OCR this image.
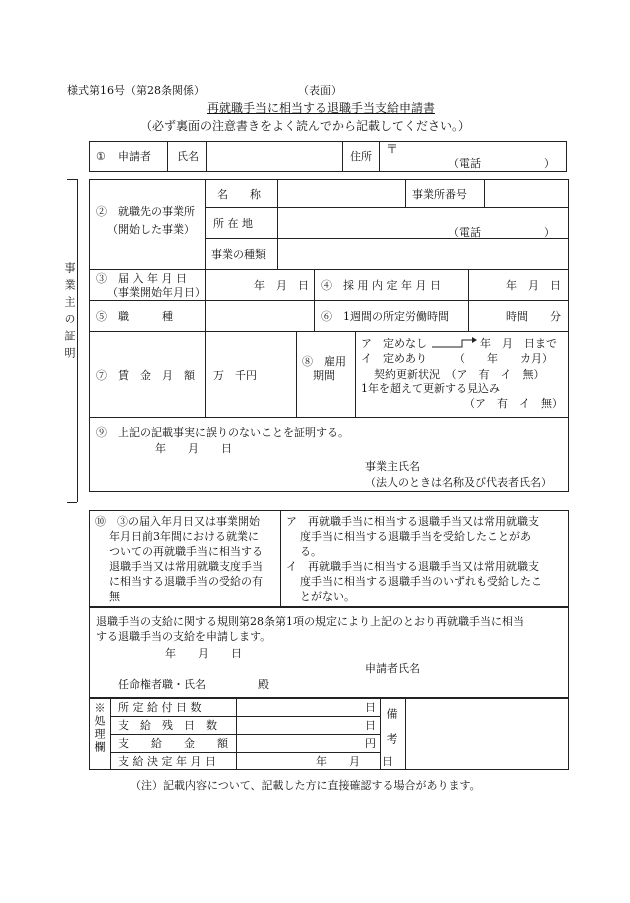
様式第16号（第28条関係）	（表面）
再就職手当に相当する退職手当支給申請書
（必ず裏面の注意書きをよく読んでから記載してください。）
① 申請者 氏名	住所
〒
（電話	）
事業主の証明
②　就職先の事業所
（開始した事業）
名　　称	事業所番号
所 在 地
（電話	）
事業の種類
③　届 入 年 月 日
（事業開始年月日）
年　月　日 ④　採 用 内 定 年 月 日	年　月　日
⑤　職　　　種	⑥　1週間の所定労働時間	時間　　分
⑦　賃　金　月　額 万　千円
⑧　雇用
期間
ア　定めなし	年　月　日まで
イ　定めあり （　　年　　カ月）
契約更新状況　（ア　有　イ　無）
1年を超えて更新する見込み
（ア　有　イ　無）
⑨　上記の記載事実に誤りのないことを証明する。
年　　月　　日
事業主氏名
（法人のときは名称及び代表者氏名）
⑩　③の届入年月日又は事業開始
年月日前3年間における就業に
ついての再就職手当に相当する
退職手当又は常用就職支度手当
に相当する退職手当の受給の有
無
ア　再就職手当に相当する退職手当又は常用就職支
度手当に相当する退職手当を受給したことがあ
る。
イ　再就職手当に相当する退職手当又は常用就職支
度手当に相当する退職手当のいずれも受給したこ
とがない。
退職手当の支給に関する規則第28条第1項の規定により上記のとおり再就職手当に相当
する退職手当の支給を申請します。
年　　月　　日
申請者氏名
任命権者職・氏名	殿
※処理欄 所 定 給 付 日 数	日
支　給　残　日　数	日
支　　給　　金　　額	円
支 給 決 定 年 月 日	年　　月　　日
備考
（注）記載内容について、記載した方に直接確認する場合があります。
